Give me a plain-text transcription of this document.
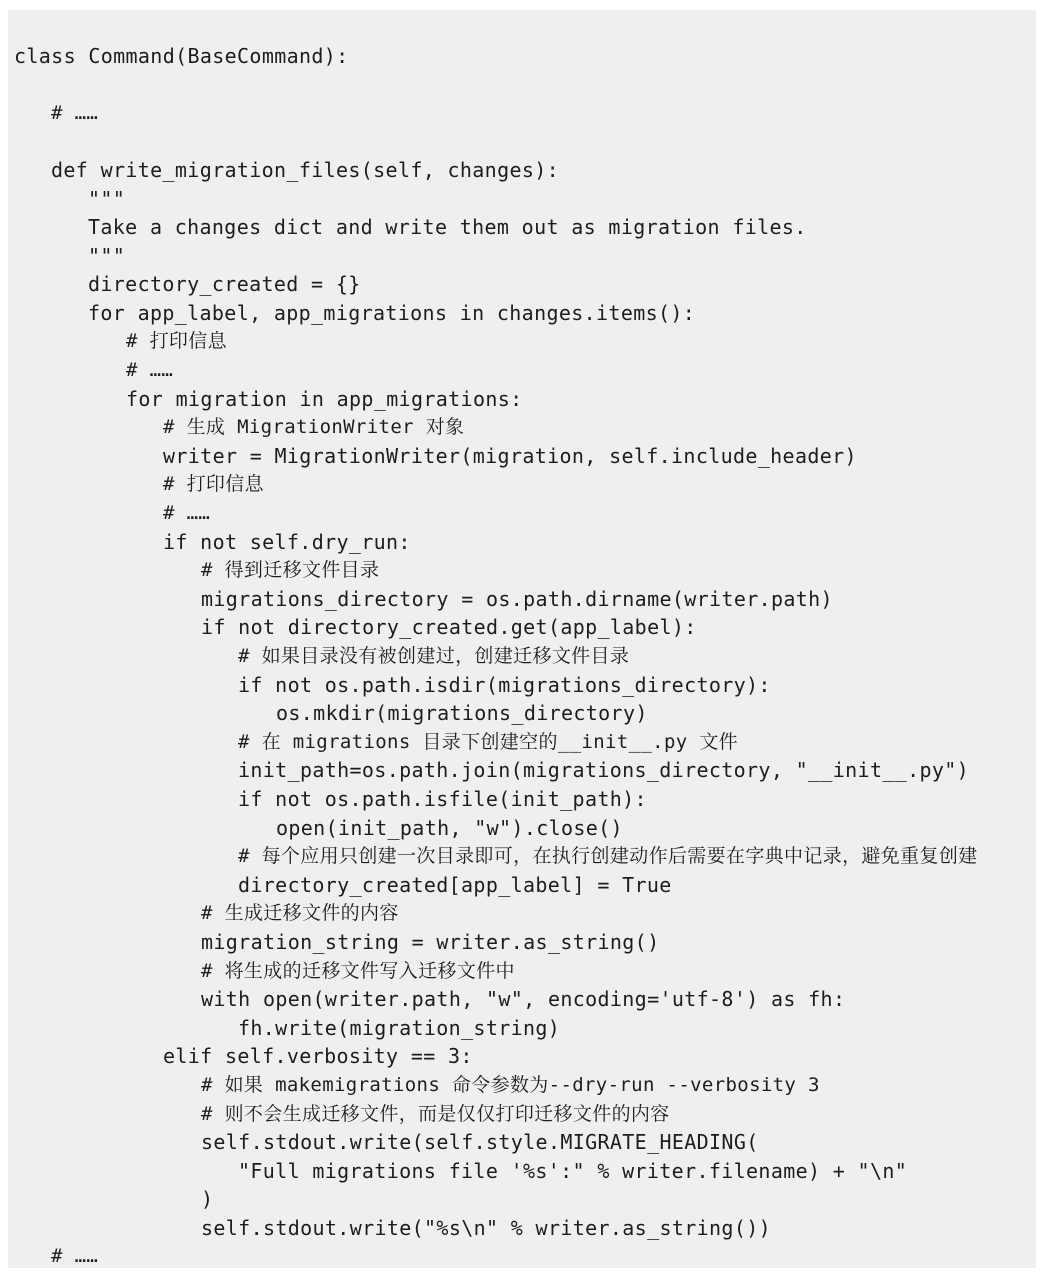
class Command(BaseCommand):
# ……
def write_migration_files(self, changes):
"""
Take a changes dict and write them out as migration files.
"""
directory_created = {}
for app_label, app_migrations in changes.items():
# 打印信息
# ……
for migration in app_migrations:
# 生成 MigrationWriter 对象
writer = MigrationWriter(migration, self.include_header)
# 打印信息
# ……
if not self.dry_run:
# 得到迁移文件目录
migrations_directory = os.path.dirname(writer.path)
if not directory_created.get(app_label):
# 如果目录没有被创建过，创建迁移文件目录
if not os.path.isdir(migrations_directory):
os.mkdir(migrations_directory)
# 在 migrations 目录下创建空的__init__.py 文件
init_path=os.path.join(migrations_directory, "__init__.py")
if not os.path.isfile(init_path):
open(init_path, "w").close()
# 每个应用只创建一次目录即可，在执行创建动作后需要在字典中记录，避免重复创建
directory_created[app_label] = True
# 生成迁移文件的内容
migration_string = writer.as_string()
# 将生成的迁移文件写入迁移文件中
with open(writer.path, "w", encoding='utf-8') as fh:
fh.write(migration_string)
elif self.verbosity == 3:
# 如果 makemigrations 命令参数为--dry-run --verbosity 3
# 则不会生成迁移文件，而是仅仅打印迁移文件的内容
self.stdout.write(self.style.MIGRATE_HEADING(
"Full migrations file '%s':" % writer.filename) + "\n"
)
self.stdout.write("%s\n" % writer.as_string())
# ……
